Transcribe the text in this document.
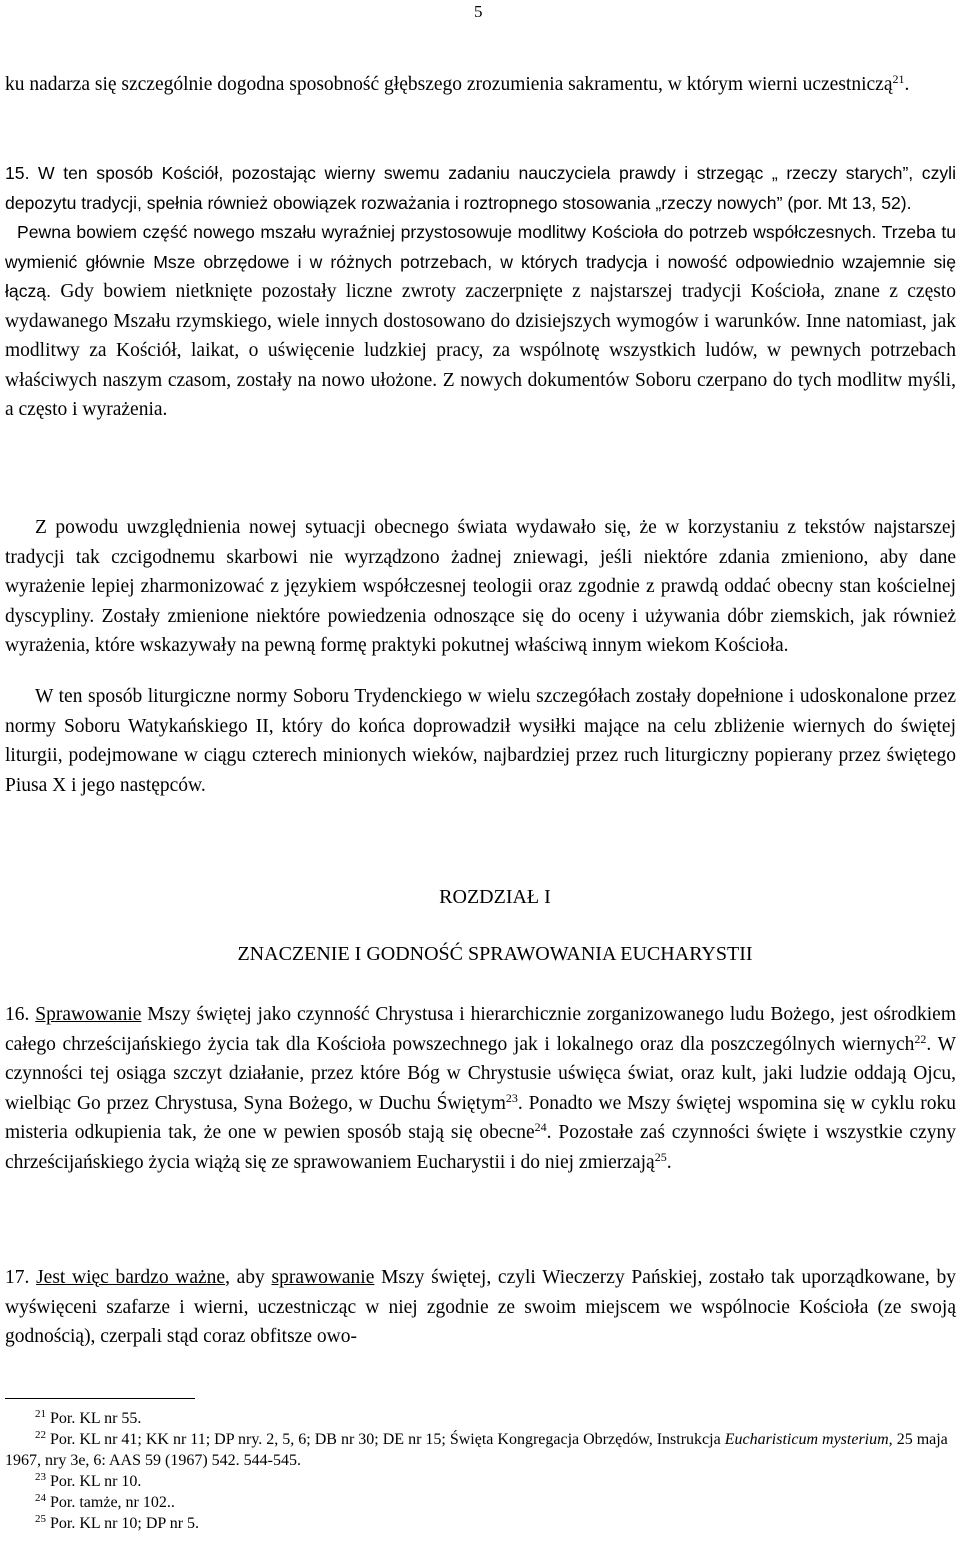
5

ku nadarza się szczególnie dogodna sposobność głębszego zrozumienia sakramentu, w którym wierni uczestniczą$^{21}$.

15. W ten sposób Kościół, pozostając wierny swemu zadaniu nauczyciela prawdy i strzegąc „ rzeczy starych”, czyli depozytu tradycji, spełnia również obowiązek rozważania i roztropnego stosowania „rzeczy nowych” (por. Mt 13, 52).

Pewna bowiem część nowego mszału wyraźniej przystosowuje modlitwy Kościoła do potrzeb współczesnych. Trzeba tu wymienić głównie Msze obrzędowe i w różnych potrzebach, w których tradycja i nowość odpowiednio wzajemnie się łączą. Gdy bowiem nietknięte pozostały liczne zwroty zaczerpnięte z najstarszej tradycji Kościoła, znane z często wydawanego Mszału rzymskiego, wiele innych dostosowano do dzisiejszych wymogów i warunków. Inne natomiast, jak modlitwy za Kościół, laikat, o uświęcenie ludzkiej pracy, za wspólnotę wszystkich ludów, w pewnych potrzebach właściwych naszym czasom, zostały na nowo ułożone. Z nowych dokumentów Soboru czerpano do tych modlitw myśli, a często i wyrażenia.

Z powodu uwzględnienia nowej sytuacji obecnego świata wydawało się, że w korzystaniu z tekstów najstarszej tradycji tak czcigodnemu skarbowi nie wyrządzono żadnej zniewagi, jeśli niektóre zdania zmieniono, aby dane wyrażenie lepiej zharmonizować z językiem współczesnej teologii oraz zgodnie z prawdą oddać obecny stan kościelnej dyscypliny. Zostały zmienione niektóre powiedzenia odnoszące się do oceny i używania dóbr ziemskich, jak również wyrażenia, które wskazywały na pewną formę praktyki pokutnej właściwą innym wiekom Kościoła.

W ten sposób liturgiczne normy Soboru Trydenckiego w wielu szczegółach zostały dopełnione i udoskonalone przez normy Soboru Watykańskiego II, który do końca doprowadził wysiłki mające na celu zbliżenie wiernych do świętej liturgii, podejmowane w ciągu czterech minionych wieków, najbardziej przez ruch liturgiczny popierany przez świętego Piusa X i jego następców.

ROZDZIAŁ I
ZNACZENIE I GODNOŚĆ SPRAWOWANIA EUCHARYSTII

16. Sprawowanie Mszy świętej jako czynność Chrystusa i hierarchicznie zorganizowanego ludu Bożego, jest ośrodkiem całego chrześcijańskiego życia tak dla Kościoła powszechnego jak i lokalnego oraz dla poszczególnych wiernych$^{22}$. W czynności tej osiąga szczyt działanie, przez które Bóg w Chrystusie uświęca świat, oraz kult, jaki ludzie oddają Ojcu, wielbiąc Go przez Chrystusa, Syna Bożego, w Duchu Świętym$^{23}$. Ponadto we Mszy świętej wspomina się w cyklu roku misteria odkupienia tak, że one w pewien sposób stają się obecne$^{24}$. Pozostałe zaś czynności święte i wszystkie czyny chrześcijańskiego życia wiążą się ze sprawowaniem Eucharystii i do niej zmierzają$^{25}$.

17. Jest więc bardzo ważne, aby sprawowanie Mszy świętej, czyli Wieczerzy Pańskiej, zostało tak uporządkowane, by wyświęceni szafarze i wierni, uczestnicząc w niej zgodnie ze swoim miejscem we wspólnocie Kościoła (ze swoją godnością), czerpali stąd coraz obfitsze owo-

$^{21}$ Por. KL nr 55.

$^{22}$ Por. KL nr 41; KK nr 11; DP nry. 2, 5, 6; DB nr 30; DE nr 15; Święta Kongregacja Obrzędów, Instrukcja Eucharisticum mysterium, 25 maja 1967, nry 3e, 6: AAS 59 (1967) 542. 544-545.

$^{23}$ Por. KL nr 10.

$^{24}$ Por. tamże, nr 102..

$^{25}$ Por. KL nr 10; DP nr 5.
